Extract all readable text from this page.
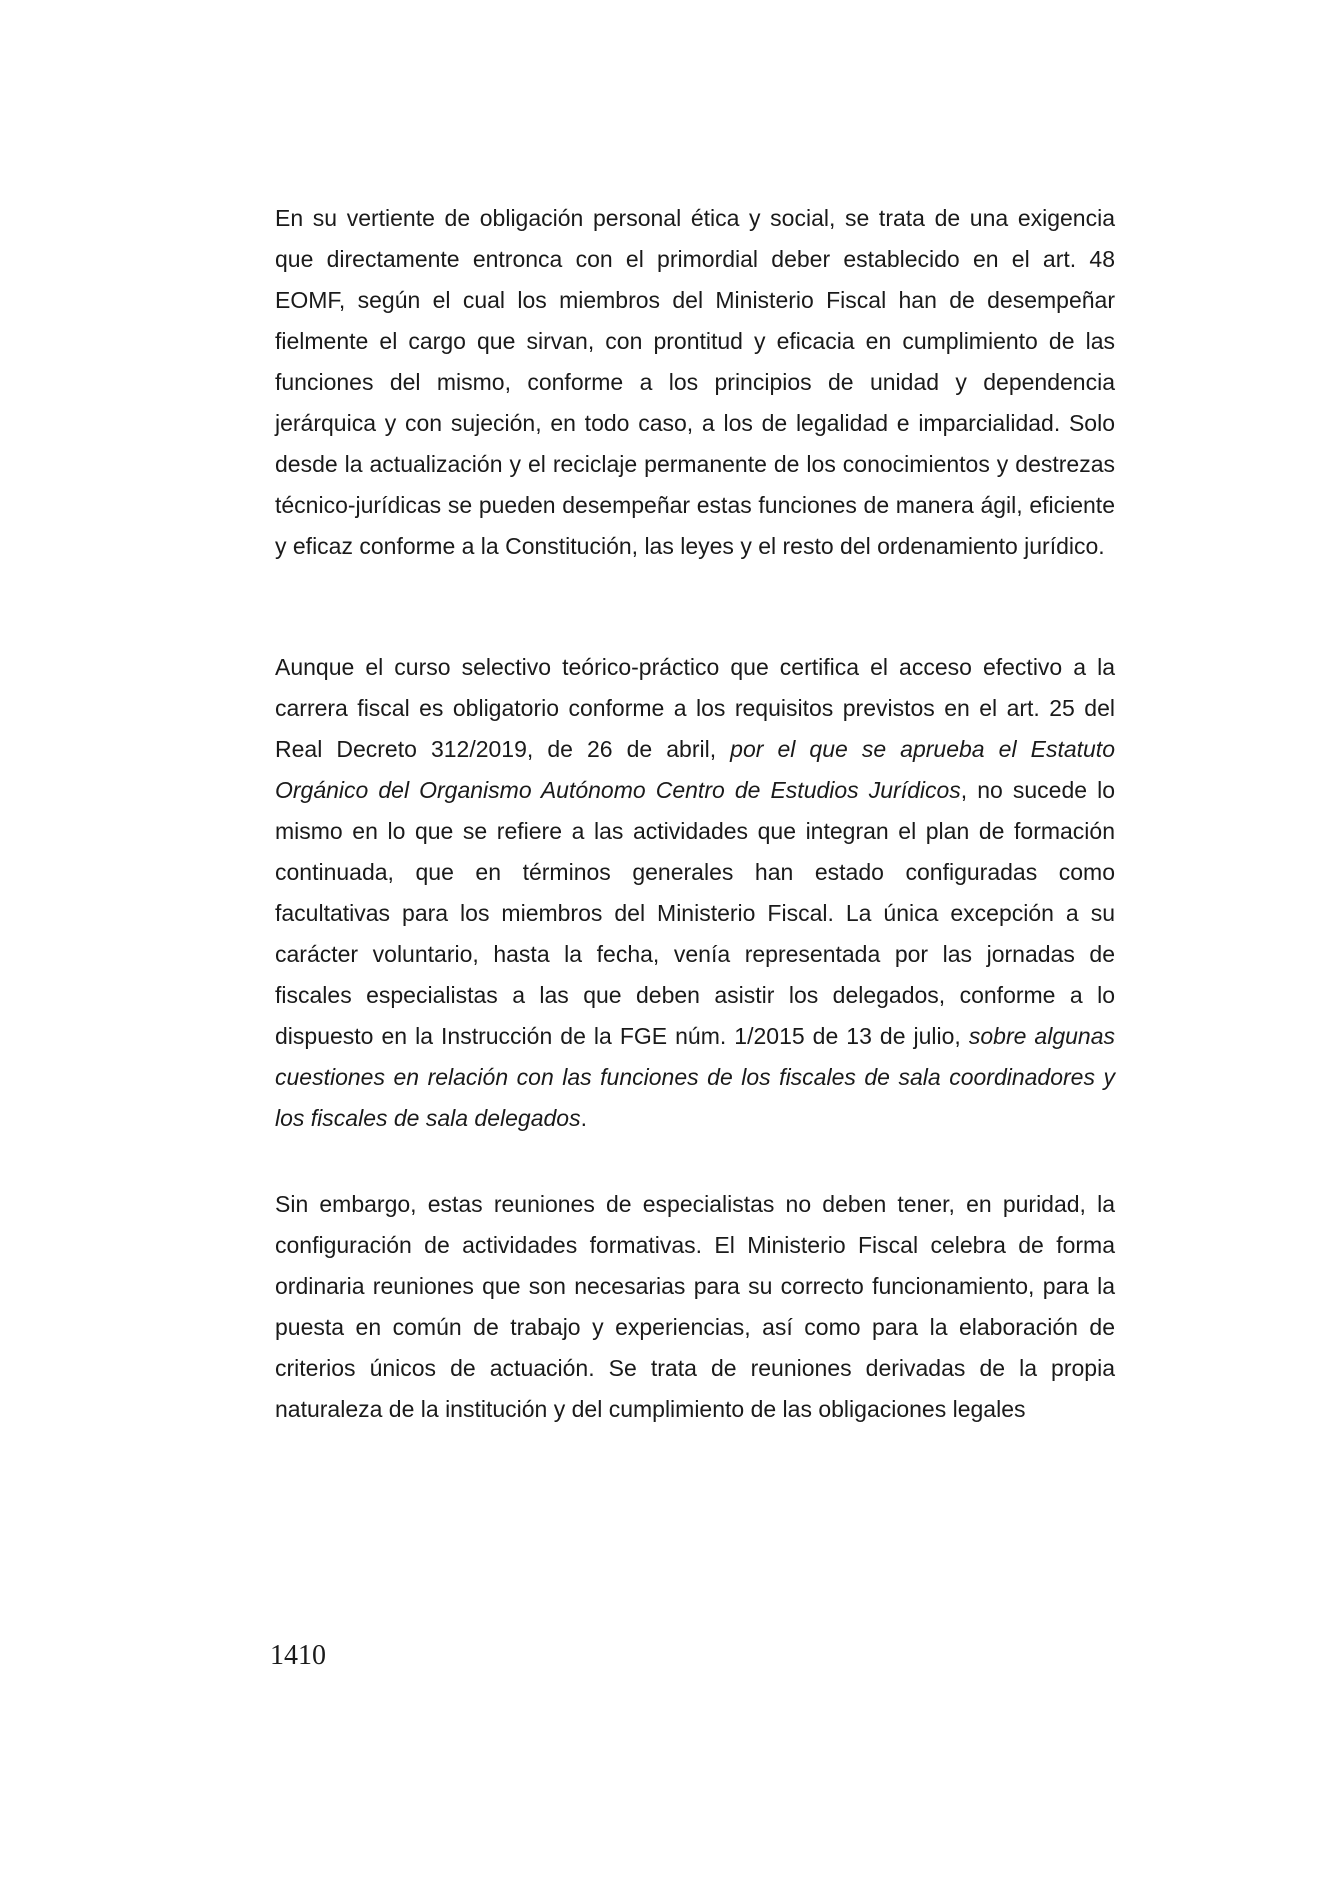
En su vertiente de obligación personal ética y social, se trata de una exigencia que directamente entronca con el primordial deber establecido en el art. 48 EOMF, según el cual los miembros del Ministerio Fiscal han de desempeñar fielmente el cargo que sirvan, con prontitud y eficacia en cumplimiento de las funciones del mismo, conforme a los principios de unidad y dependencia jerárquica y con sujeción, en todo caso, a los de legalidad e imparcialidad. Solo desde la actualización y el reciclaje permanente de los conocimientos y destrezas técnico-jurídicas se pueden desempeñar estas funciones de manera ágil, eficiente y eficaz conforme a la Constitución, las leyes y el resto del ordenamiento jurídico.

Aunque el curso selectivo teórico-práctico que certifica el acceso efectivo a la carrera fiscal es obligatorio conforme a los requisitos previstos en el art. 25 del Real Decreto 312/2019, de 26 de abril, por el que se aprueba el Estatuto Orgánico del Organismo Autónomo Centro de Estudios Jurídicos, no sucede lo mismo en lo que se refiere a las actividades que integran el plan de formación continuada, que en términos generales han estado configuradas como facultativas para los miembros del Ministerio Fiscal. La única excepción a su carácter voluntario, hasta la fecha, venía representada por las jornadas de fiscales especialistas a las que deben asistir los delegados, conforme a lo dispuesto en la Instrucción de la FGE núm. 1/2015 de 13 de julio, sobre algunas cuestiones en relación con las funciones de los fiscales de sala coordinadores y los fiscales de sala delegados.

Sin embargo, estas reuniones de especialistas no deben tener, en puridad, la configuración de actividades formativas. El Ministerio Fiscal celebra de forma ordinaria reuniones que son necesarias para su correcto funcionamiento, para la puesta en común de trabajo y experiencias, así como para la elaboración de criterios únicos de actuación. Se trata de reuniones derivadas de la propia naturaleza de la institución y del cumplimiento de las obligaciones legales

1410
